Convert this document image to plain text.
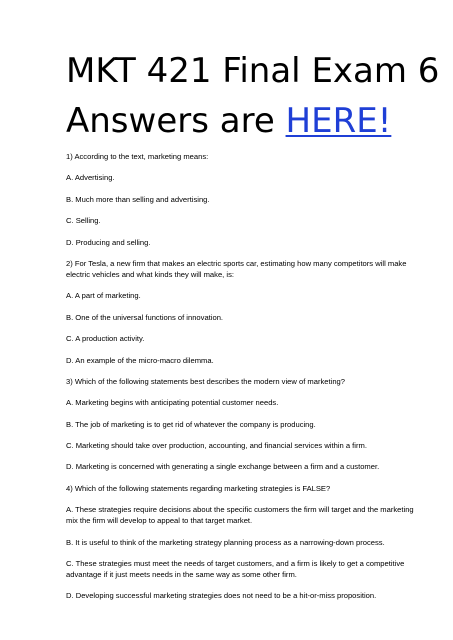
MKT 421 Final Exam 6
Answers are HERE!

1) According to the text, marketing means:

A. Advertising.

B. Much more than selling and advertising.

C. Selling.

D. Producing and selling.

2) For Tesla, a new firm that makes an electric sports car, estimating how many competitors will make electric vehicles and what kinds they will make, is:

A. A part of marketing.

B. One of the universal functions of innovation.

C. A production activity.

D. An example of the micro-macro dilemma.

3) Which of the following statements best describes the modern view of marketing?

A. Marketing begins with anticipating potential customer needs.

B. The job of marketing is to get rid of whatever the company is producing.

C. Marketing should take over production, accounting, and financial services within a firm.

D. Marketing is concerned with generating a single exchange between a firm and a customer.

4) Which of the following statements regarding marketing strategies is FALSE?

A. These strategies require decisions about the specific customers the firm will target and the marketing mix the firm will develop to appeal to that target market.

B. It is useful to think of the marketing strategy planning process as a narrowing-down process.

C. These strategies must meet the needs of target customers, and a firm is likely to get a competitive advantage if it just meets needs in the same way as some other firm.

D. Developing successful marketing strategies does not need to be a hit-or-miss proposition.
